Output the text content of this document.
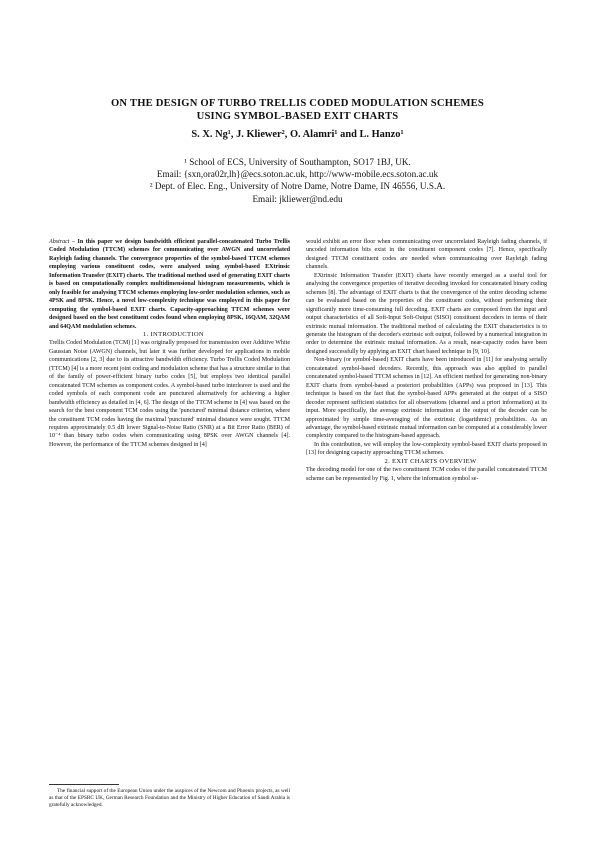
ON THE DESIGN OF TURBO TRELLIS CODED MODULATION SCHEMES
USING SYMBOL-BASED EXIT CHARTS
S. X. Ng¹, J. Kliewer², O. Alamri¹ and L. Hanzo¹

¹ School of ECS, University of Southampton, SO17 1BJ, UK.

Email: {sxn,ora02r,lh}@ecs.soton.ac.uk, http://www-mobile.ecs.soton.ac.uk

² Dept. of Elec. Eng., University of Notre Dame, Notre Dame, IN 46556, U.S.A.

Email: jkliewer@nd.edu

Abstract – In this paper we design bandwidth efficient parallel-concatenated Turbo Trellis Coded Modulation (TTCM) schemes for communicating over AWGN and uncorrelated Rayleigh fading channels. The convergence properties of the symbol-based TTCM schemes employing various constituent codes, were analysed using symbol-based EXtrinsic Information Transfer (EXIT) charts. The traditional method used of generating EXIT charts is based on computationally complex multidimensional histogram measurements, which is only feasible for analysing TTCM schemes employing low-order modulation schemes, such as 4PSK and 8PSK. Hence, a novel low-complexity technique was employed in this paper for computing the symbol-based EXIT charts. Capacity-approaching TTCM schemes were designed based on the best constituent codes found when employing 8PSK, 16QAM, 32QAM and 64QAM modulation schemes.

1. INTRODUCTION

Trellis Coded Modulation (TCM) [1] was originally proposed for transmission over Additive White Gaussian Noise (AWGN) channels, but later it was further developed for applications in mobile communications [2, 3] due to its attractive bandwidth efficiency. Turbo Trellis Coded Modulation (TTCM) [4] is a more recent joint coding and modulation scheme that has a structure similar to that of the family of power-efficient binary turbo codes [5], but employs two identical parallel concatenated TCM schemes as component codes. A symbol-based turbo interleaver is used and the coded symbols of each component code are punctured alternatively for achieving a higher bandwidth efficiency as detailed in [4, 6]. The design of the TTCM scheme in [4] was based on the search for the best component TCM codes using the 'punctured' minimal distance criterion, where the constituent TCM codes having the maximal 'punctured' minimal distance were sought. TTCM requires approximately 0.5 dB lower Signal-to-Noise Ratio (SNR) at a Bit Error Ratio (BER) of 10⁻⁴ than binary turbo codes when communicating using 8PSK over AWGN channels [4]. However, the performance of the TTCM schemes designed in [4]

would exhibit an error floor when communicating over uncorrelated Rayleigh fading channels, if uncoded information bits exist in the constituent component codes [7]. Hence, specifically designed TTCM constituent codes are needed when communicating over Rayleigh fading channels.

EXtrinsic Information Transfer (EXIT) charts have recently emerged as a useful tool for analysing the convergence properties of iterative decoding invoked for concatenated binary coding schemes [8]. The advantage of EXIT charts is that the convergence of the entire decoding scheme can be evaluated based on the properties of the constituent codes, without performing their significantly more time-consuming full decoding. EXIT charts are composed from the input and output characteristics of all Soft-Input Soft-Output (SISO) constituent decoders in terms of their extrinsic mutual information. The traditional method of calculating the EXIT characteristics is to generate the histogram of the decoder's extrinsic soft output, followed by a numerical integration in order to determine the extrinsic mutual information. As a result, near-capacity codes have been designed successfully by applying an EXIT chart based technique in [9, 10].

Non-binary (or symbol-based) EXIT charts have been introduced in [11] for analysing serially concatenated symbol-based decoders. Recently, this approach was also applied to parallel concatenated symbol-based TTCM schemes in [12]. An efficient method for generating non-binary EXIT charts from symbol-based a posteriori probabilities (APPs) was proposed in [13]. This technique is based on the fact that the symbol-based APPs generated at the output of a SISO decoder represent sufficient statistics for all observations (channel and a priori information) at its input. More specifically, the average extrinsic information at the output of the decoder can be approximated by simple time-averaging of the extrinsic (logarithmic) probabilities. As an advantage, the symbol-based extrinsic mutual information can be computed at a considerably lower complexity compared to the histogram-based approach.

In this contribution, we will employ the low-complexity symbol-based EXIT charts proposed in [13] for designing capacity approaching TTCM schemes.

2. EXIT CHARTS OVERVIEW

The decoding model for one of the two constituent TCM codes of the parallel concatenated TTCM scheme can be represented by Fig. 1, where the information symbol se-

The financial support of the European Union under the auspices of the Newcom and Phoenix projects, as well as that of the EPSRC UK, German Research Foundation and the Ministry of Higher Education of Saudi Arabia is gratefully acknowledged.
